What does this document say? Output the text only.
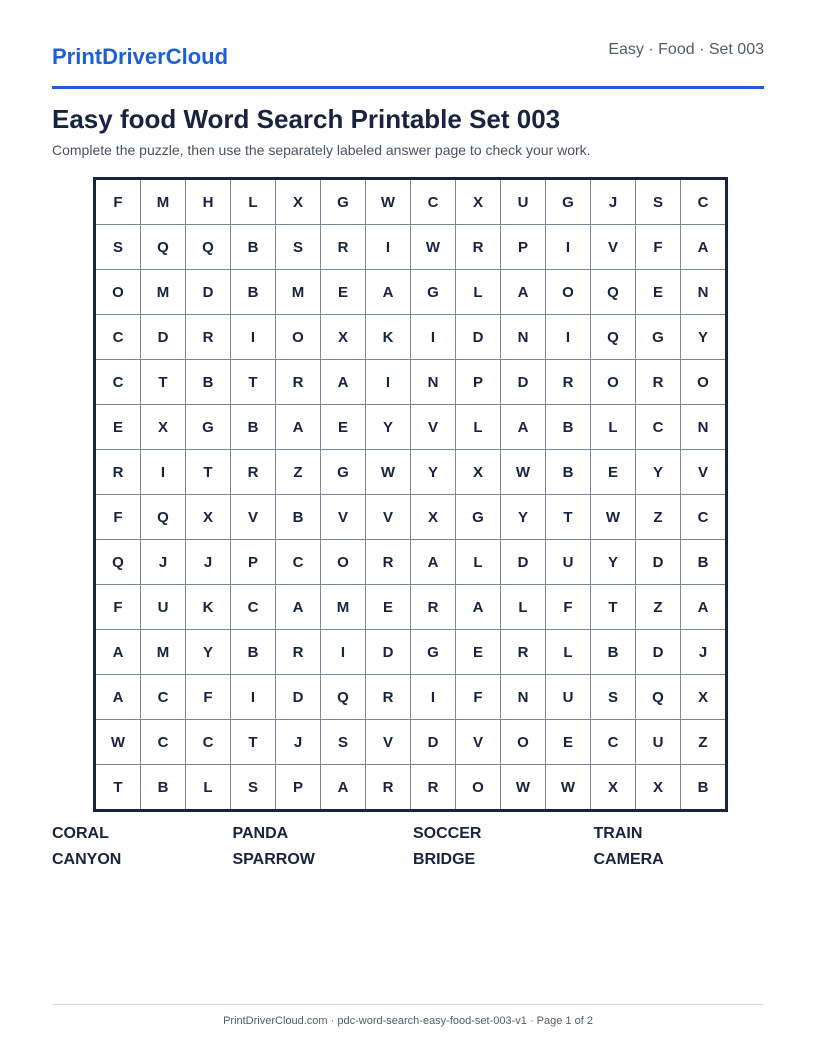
PrintDriverCloud	Easy · Food · Set 003
Easy food Word Search Printable Set 003
Complete the puzzle, then use the separately labeled answer page to check your work.
F	M	H	L	X	G	W	C	X	U	G	J	S	C
S	Q	Q	B	S	R	I	W	R	P	I	V	F	A
O	M	D	B	M	E	A	G	L	A	O	Q	E	N
C	D	R	I	O	X	K	I	D	N	I	Q	G	Y
C	T	B	T	R	A	I	N	P	D	R	O	R	O
E	X	G	B	A	E	Y	V	L	A	B	L	C	N
R	I	T	R	Z	G	W	Y	X	W	B	E	Y	V
F	Q	X	V	B	V	V	X	G	Y	T	W	Z	C
Q	J	J	P	C	O	R	A	L	D	U	Y	D	B
F	U	K	C	A	M	E	R	A	L	F	T	Z	A
A	M	Y	B	R	I	D	G	E	R	L	B	D	J
A	C	F	I	D	Q	R	I	F	N	U	S	Q	X
W	C	C	T	J	S	V	D	V	O	E	C	U	Z
T	B	L	S	P	A	R	R	O	W	W	X	X	B
CORAL	PANDA	SOCCER	TRAIN
CANYON	SPARROW	BRIDGE	CAMERA
PrintDriverCloud.com · pdc-word-search-easy-food-set-003-v1 · Page 1 of 2
